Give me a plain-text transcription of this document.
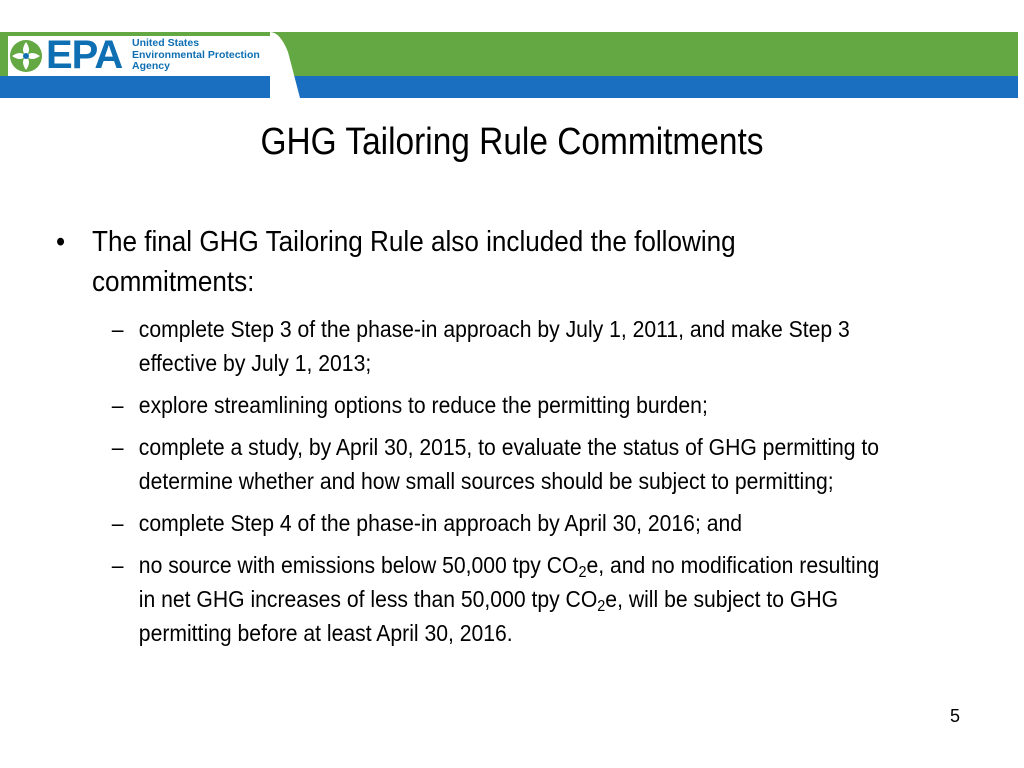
EPA United States
Environmental Protection
Agency
GHG Tailoring Rule Commitments
• The final GHG Tailoring Rule also included the following commitments:
– complete Step 3 of the phase-in approach by July 1, 2011, and make Step 3 effective by July 1, 2013;
– explore streamlining options to reduce the permitting burden;
– complete a study, by April 30, 2015, to evaluate the status of GHG permitting to determine whether and how small sources should be subject to permitting;
– complete Step 4 of the phase-in approach by April 30, 2016; and
– no source with emissions below 50,000 tpy $CO_2e$, and no modification resulting in net GHG increases of less than 50,000 tpy $CO_2e$, will be subject to GHG permitting before at least April 30, 2016.
5
